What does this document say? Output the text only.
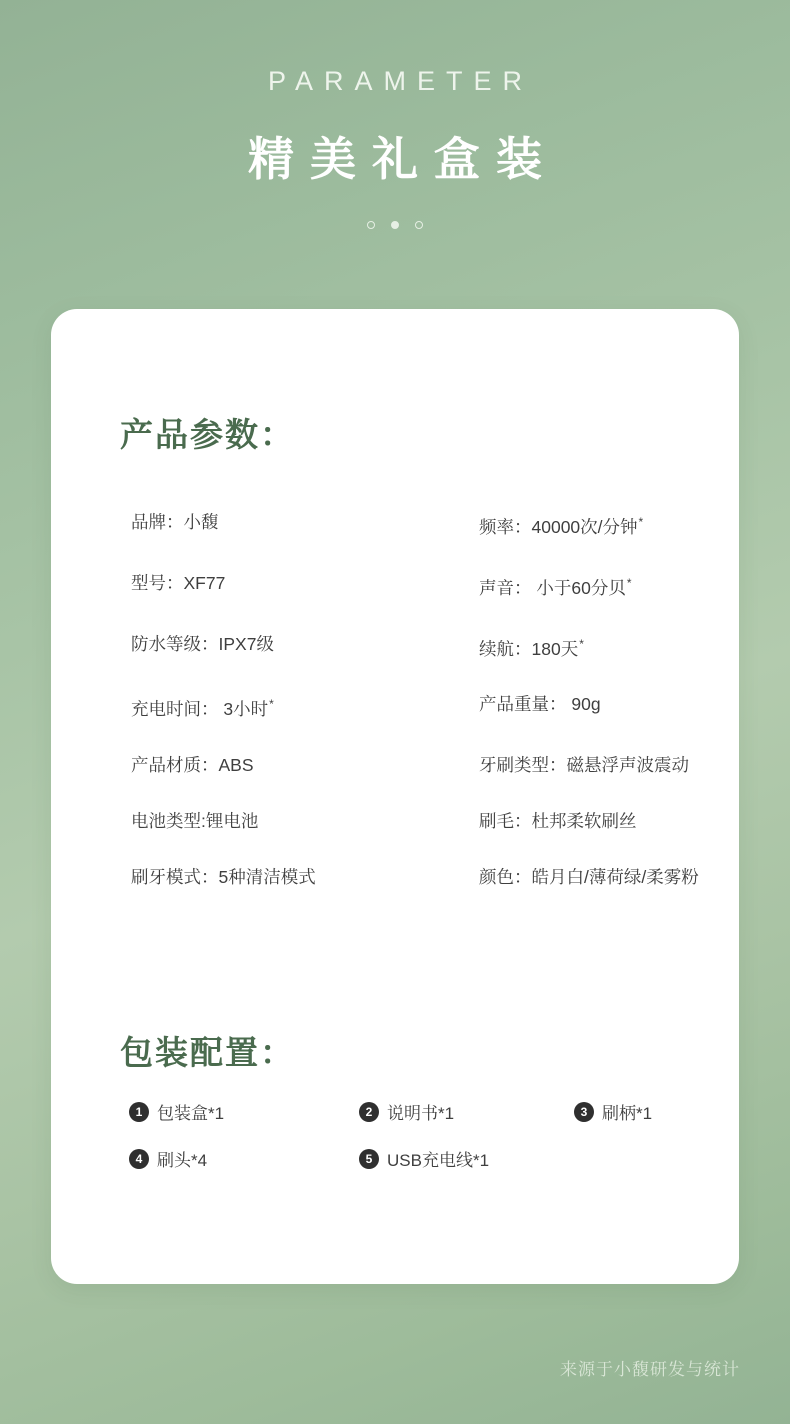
PARAMETER
精美礼盒装
产品参数：
品牌：小馥	频率：40000次/分钟*
型号：XF77	声音： 小于60分贝*
防水等级：IPX7级	续航：180天*
充电时间： 3小时*	产品重量： 90g
产品材质：ABS	牙刷类型：磁悬浮声波震动
电池类型:锂电池	刷毛：杜邦柔软刷丝
刷牙模式：5种清洁模式	颜色：皓月白/薄荷绿/柔雾粉
包装配置：
1 包装盒*1	2 说明书*1	3 刷柄*1
4 刷头*4	5 USB充电线*1
来源于小馥研发与统计
